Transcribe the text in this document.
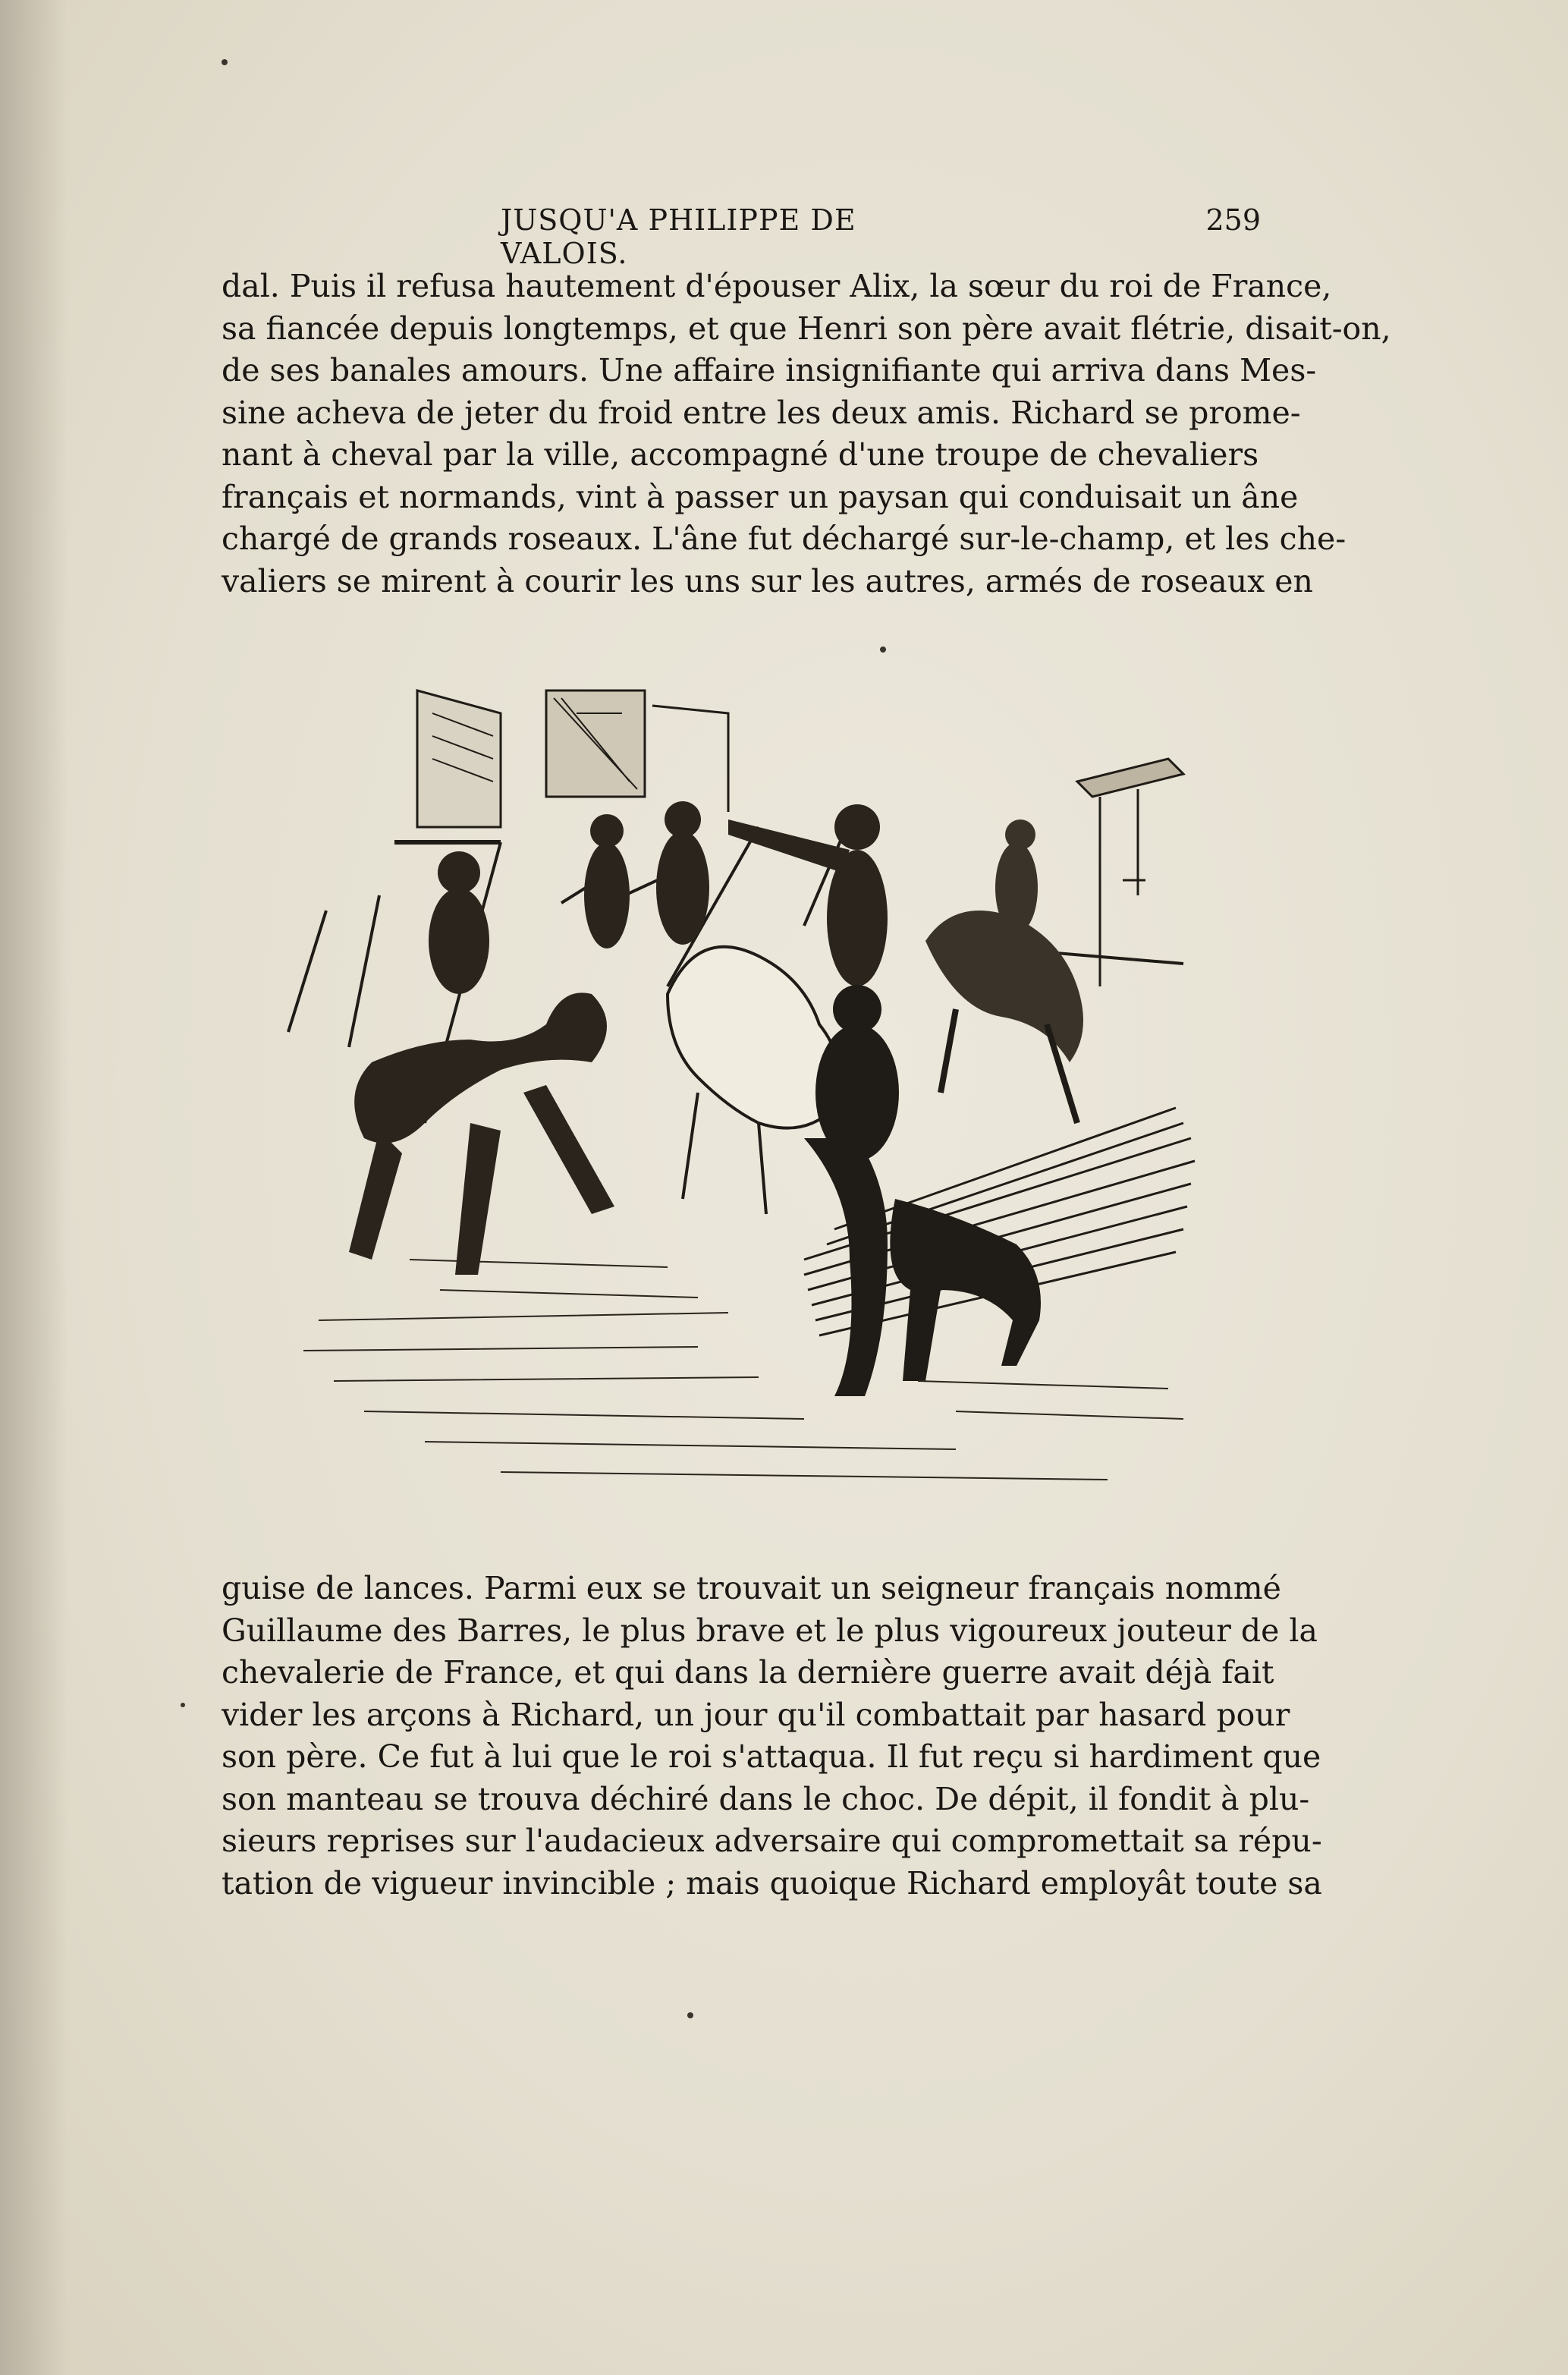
JUSQU'A PHILIPPE DE VALOIS.
259
dal. Puis il refusa hautement d'épouser Alix, la sœur du roi de France,
sa fiancée depuis longtemps, et que Henri son père avait flétrie, disait-on,
de ses banales amours. Une affaire insignifiante qui arriva dans Mes-
sine acheva de jeter du froid entre les deux amis. Richard se prome-
nant à cheval par la ville, accompagné d'une troupe de chevaliers
français et normands, vint à passer un paysan qui conduisait un âne
chargé de grands roseaux. L'âne fut déchargé sur-le-champ, et les che-
valiers se mirent à courir les uns sur les autres, armés de roseaux en
guise de lances. Parmi eux se trouvait un seigneur français nommé
Guillaume des Barres, le plus brave et le plus vigoureux jouteur de la
chevalerie de France, et qui dans la dernière guerre avait déjà fait
vider les arçons à Richard, un jour qu'il combattait par hasard pour
son père. Ce fut à lui que le roi s'attaqua. Il fut reçu si hardiment que
son manteau se trouva déchiré dans le choc. De dépit, il fondit à plu-
sieurs reprises sur l'audacieux adversaire qui compromettait sa répu-
tation de vigueur invincible ; mais quoique Richard employât toute sa
